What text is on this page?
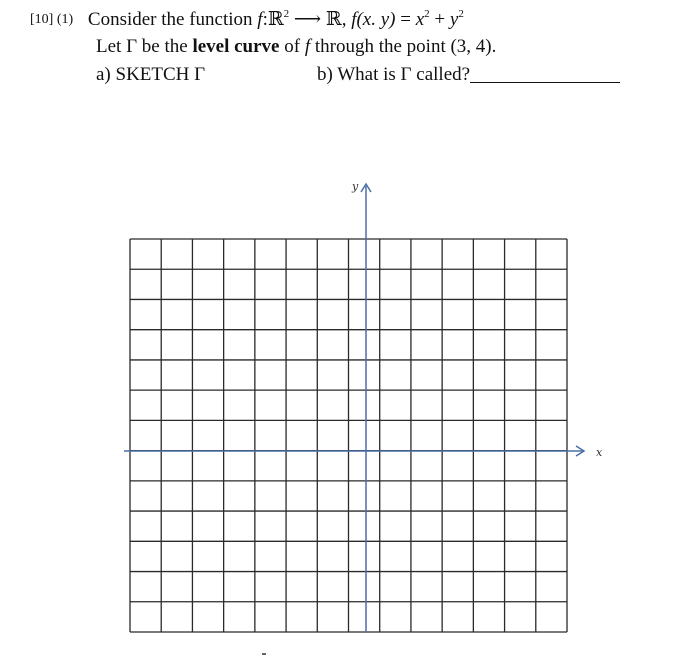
[10] (1) Consider the function f:ℝ$^2$ ⟶ ℝ, f(x. $y) = x^2 + y^2$
Let Γ be the level curve of f through the point (3, 4).
a) SKETCH Γ	b) What is Γ called?
x
y
